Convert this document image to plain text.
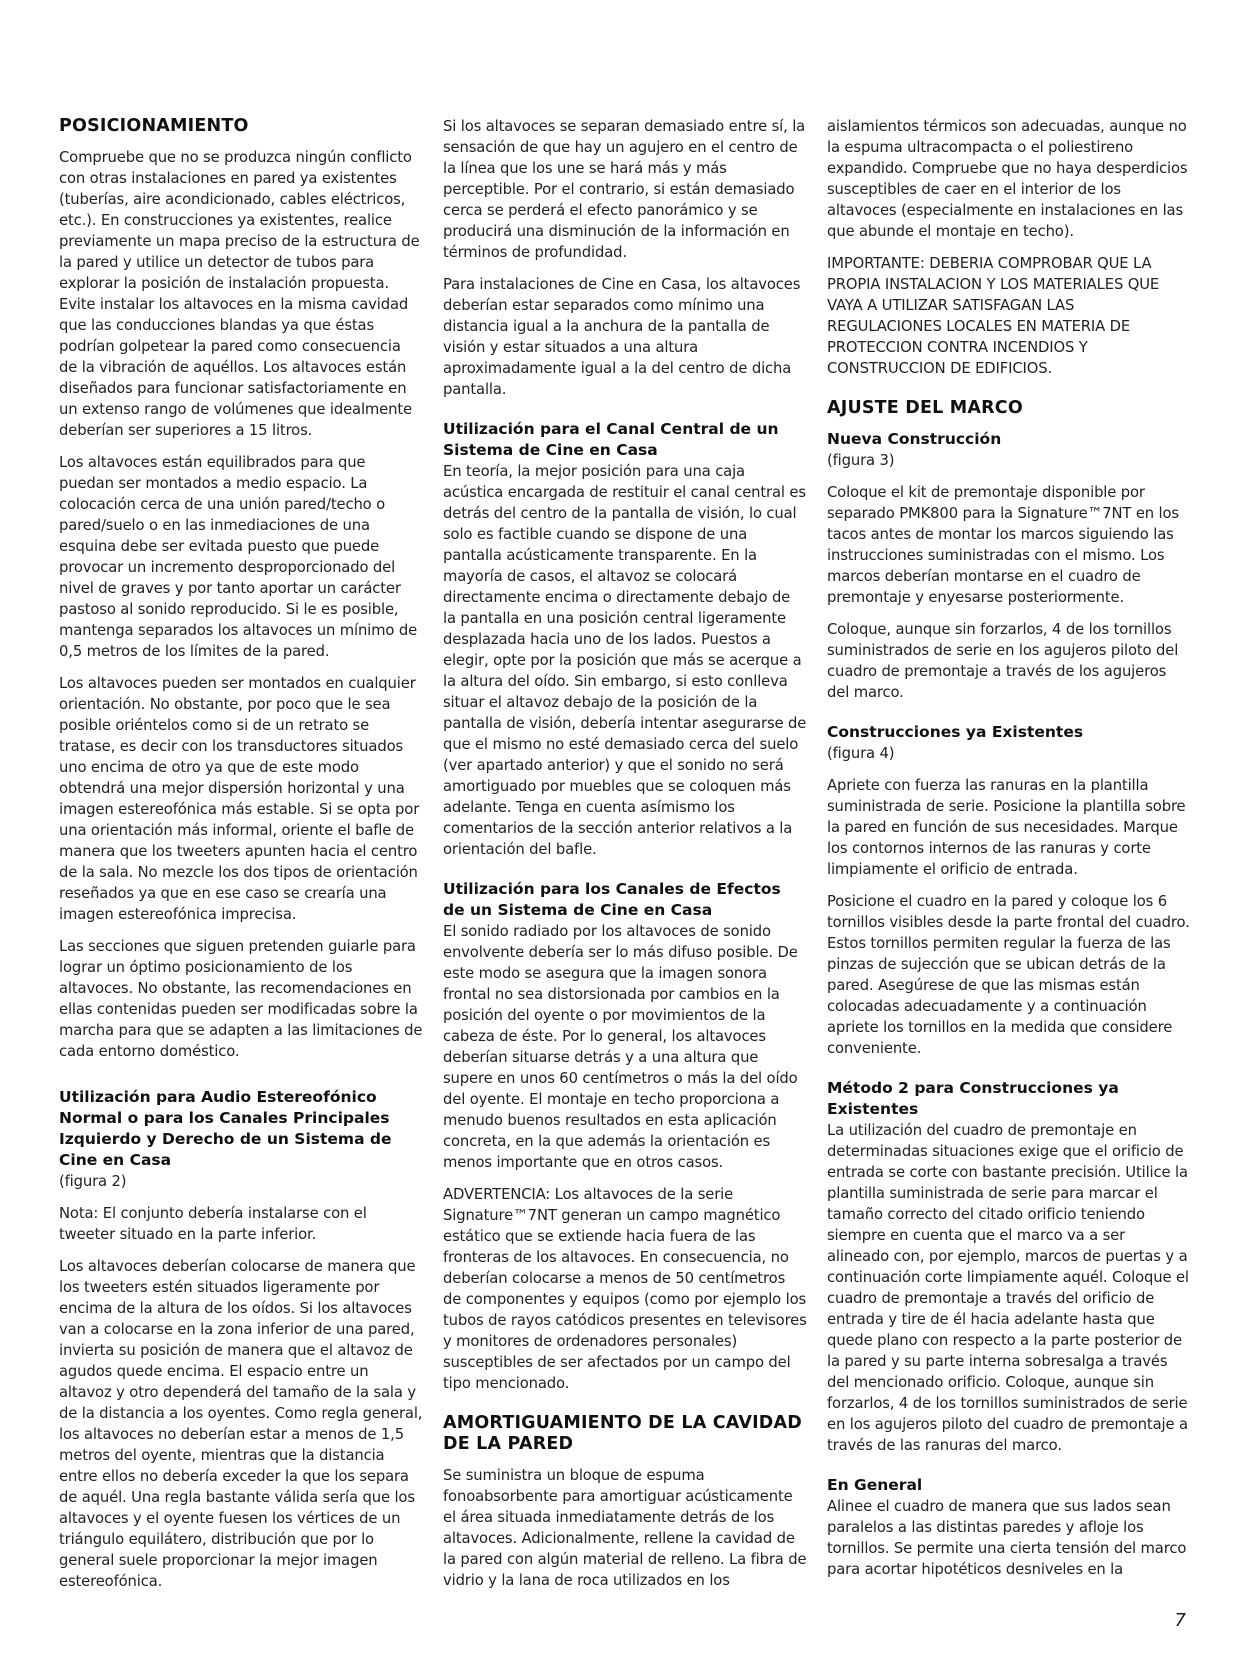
POSICIONAMIENTO

Compruebe que no se produzca ningún conflicto con otras instalaciones en pared ya existentes (tuberías, aire acondicionado, cables eléctricos, etc.). En construcciones ya existentes, realice previamente un mapa preciso de la estructura de la pared y utilice un detector de tubos para explorar la posición de instalación propuesta. Evite instalar los altavoces en la misma cavidad que las conducciones blandas ya que éstas podrían golpetear la pared como consecuencia de la vibración de aquéllos. Los altavoces están diseñados para funcionar satisfactoriamente en un extenso rango de volúmenes que idealmente deberían ser superiores a 15 litros.

Los altavoces están equilibrados para que puedan ser montados a medio espacio. La colocación cerca de una unión pared/techo o pared/suelo o en las inmediaciones de una esquina debe ser evitada puesto que puede provocar un incremento desproporcionado del nivel de graves y por tanto aportar un carácter pastoso al sonido reproducido. Si le es posible, mantenga separados los altavoces un mínimo de 0,5 metros de los límites de la pared.

Los altavoces pueden ser montados en cualquier orientación. No obstante, por poco que le sea posible oriéntelos como si de un retrato se tratase, es decir con los transductores situados uno encima de otro ya que de este modo obtendrá una mejor dispersión horizontal y una imagen estereofónica más estable. Si se opta por una orientación más informal, oriente el bafle de manera que los tweeters apunten hacia el centro de la sala. No mezcle los dos tipos de orientación reseñados ya que en ese caso se crearía una imagen estereofónica imprecisa.

Las secciones que siguen pretenden guiarle para lograr un óptimo posicionamiento de los altavoces. No obstante, las recomendaciones en ellas contenidas pueden ser modificadas sobre la marcha para que se adapten a las limitaciones de cada entorno doméstico.

Utilización para Audio Estereofónico Normal o para los Canales Principales Izquierdo y Derecho de un Sistema de Cine en Casa

(figura 2)

Nota: El conjunto debería instalarse con el tweeter situado en la parte inferior.

Los altavoces deberían colocarse de manera que los tweeters estén situados ligeramente por encima de la altura de los oídos. Si los altavoces van a colocarse en la zona inferior de una pared, invierta su posición de manera que el altavoz de agudos quede encima. El espacio entre un altavoz y otro dependerá del tamaño de la sala y de la distancia a los oyentes. Como regla general, los altavoces no deberían estar a menos de 1,5 metros del oyente, mientras que la distancia entre ellos no debería exceder la que los separa de aquél. Una regla bastante válida sería que los altavoces y el oyente fuesen los vértices de un triángulo equilátero, distribución que por lo general suele proporcionar la mejor imagen estereofónica.

Si los altavoces se separan demasiado entre sí, la sensación de que hay un agujero en el centro de la línea que los une se hará más y más perceptible. Por el contrario, si están demasiado cerca se perderá el efecto panorámico y se producirá una disminución de la información en términos de profundidad.

Para instalaciones de Cine en Casa, los altavoces deberían estar separados como mínimo una distancia igual a la anchura de la pantalla de visión y estar situados a una altura aproximadamente igual a la del centro de dicha pantalla.

Utilización para el Canal Central de un Sistema de Cine en Casa

En teoría, la mejor posición para una caja acústica encargada de restituir el canal central es detrás del centro de la pantalla de visión, lo cual solo es factible cuando se dispone de una pantalla acústicamente transparente. En la mayoría de casos, el altavoz se colocará directamente encima o directamente debajo de la pantalla en una posición central ligeramente desplazada hacia uno de los lados. Puestos a elegir, opte por la posición que más se acerque a la altura del oído. Sin embargo, si esto conlleva situar el altavoz debajo de la posición de la pantalla de visión, debería intentar asegurarse de que el mismo no esté demasiado cerca del suelo (ver apartado anterior) y que el sonido no será amortiguado por muebles que se coloquen más adelante. Tenga en cuenta asímismo los comentarios de la sección anterior relativos a la orientación del bafle.

Utilización para los Canales de Efectos de un Sistema de Cine en Casa

El sonido radiado por los altavoces de sonido envolvente debería ser lo más difuso posible. De este modo se asegura que la imagen sonora frontal no sea distorsionada por cambios en la posición del oyente o por movimientos de la cabeza de éste. Por lo general, los altavoces deberían situarse detrás y a una altura que supere en unos 60 centímetros o más la del oído del oyente. El montaje en techo proporciona a menudo buenos resultados en esta aplicación concreta, en la que además la orientación es menos importante que en otros casos.

ADVERTENCIA: Los altavoces de la serie Signature™7NT generan un campo magnético estático que se extiende hacia fuera de las fronteras de los altavoces. En consecuencia, no deberían colocarse a menos de 50 centímetros de componentes y equipos (como por ejemplo los tubos de rayos catódicos presentes en televisores y monitores de ordenadores personales) susceptibles de ser afectados por un campo del tipo mencionado.

AMORTIGUAMIENTO DE LA CAVIDAD DE LA PARED

Se suministra un bloque de espuma fonoabsorbente para amortiguar acústicamente el área situada inmediatamente detrás de los altavoces. Adicionalmente, rellene la cavidad de la pared con algún material de relleno. La fibra de vidrio y la lana de roca utilizados en los

aislamientos térmicos son adecuadas, aunque no la espuma ultracompacta o el poliestireno expandido. Compruebe que no haya desperdicios susceptibles de caer en el interior de los altavoces (especialmente en instalaciones en las que abunde el montaje en techo).

IMPORTANTE: DEBERIA COMPROBAR QUE LA PROPIA INSTALACION Y LOS MATERIALES QUE VAYA A UTILIZAR SATISFAGAN LAS REGULACIONES LOCALES EN MATERIA DE PROTECCION CONTRA INCENDIOS Y CONSTRUCCION DE EDIFICIOS.

AJUSTE DEL MARCO
Nueva Construcción

(figura 3)

Coloque el kit de premontaje disponible por separado PMK800 para la Signature™7NT en los tacos antes de montar los marcos siguiendo las instrucciones suministradas con el mismo. Los marcos deberían montarse en el cuadro de premontaje y enyesarse posteriormente.

Coloque, aunque sin forzarlos, 4 de los tornillos suministrados de serie en los agujeros piloto del cuadro de premontaje a través de los agujeros del marco.

Construcciones ya Existentes

(figura 4)

Apriete con fuerza las ranuras en la plantilla suministrada de serie. Posicione la plantilla sobre la pared en función de sus necesidades. Marque los contornos internos de las ranuras y corte limpiamente el orificio de entrada.

Posicione el cuadro en la pared y coloque los 6 tornillos visibles desde la parte frontal del cuadro. Estos tornillos permiten regular la fuerza de las pinzas de sujección que se ubican detrás de la pared. Asegúrese de que las mismas están colocadas adecuadamente y a continuación apriete los tornillos en la medida que considere conveniente.

Método 2 para Construcciones ya Existentes

La utilización del cuadro de premontaje en determinadas situaciones exige que el orificio de entrada se corte con bastante precisión. Utilice la plantilla suministrada de serie para marcar el tamaño correcto del citado orificio teniendo siempre en cuenta que el marco va a ser alineado con, por ejemplo, marcos de puertas y a continuación corte limpiamente aquél. Coloque el cuadro de premontaje a través del orificio de entrada y tire de él hacia adelante hasta que quede plano con respecto a la parte posterior de la pared y su parte interna sobresalga a través del mencionado orificio. Coloque, aunque sin forzarlos, 4 de los tornillos suministrados de serie en los agujeros piloto del cuadro de premontaje a través de las ranuras del marco.

En General

Alinee el cuadro de manera que sus lados sean paralelos a las distintas paredes y afloje los tornillos. Se permite una cierta tensión del marco para acortar hipotéticos desniveles en la

7
